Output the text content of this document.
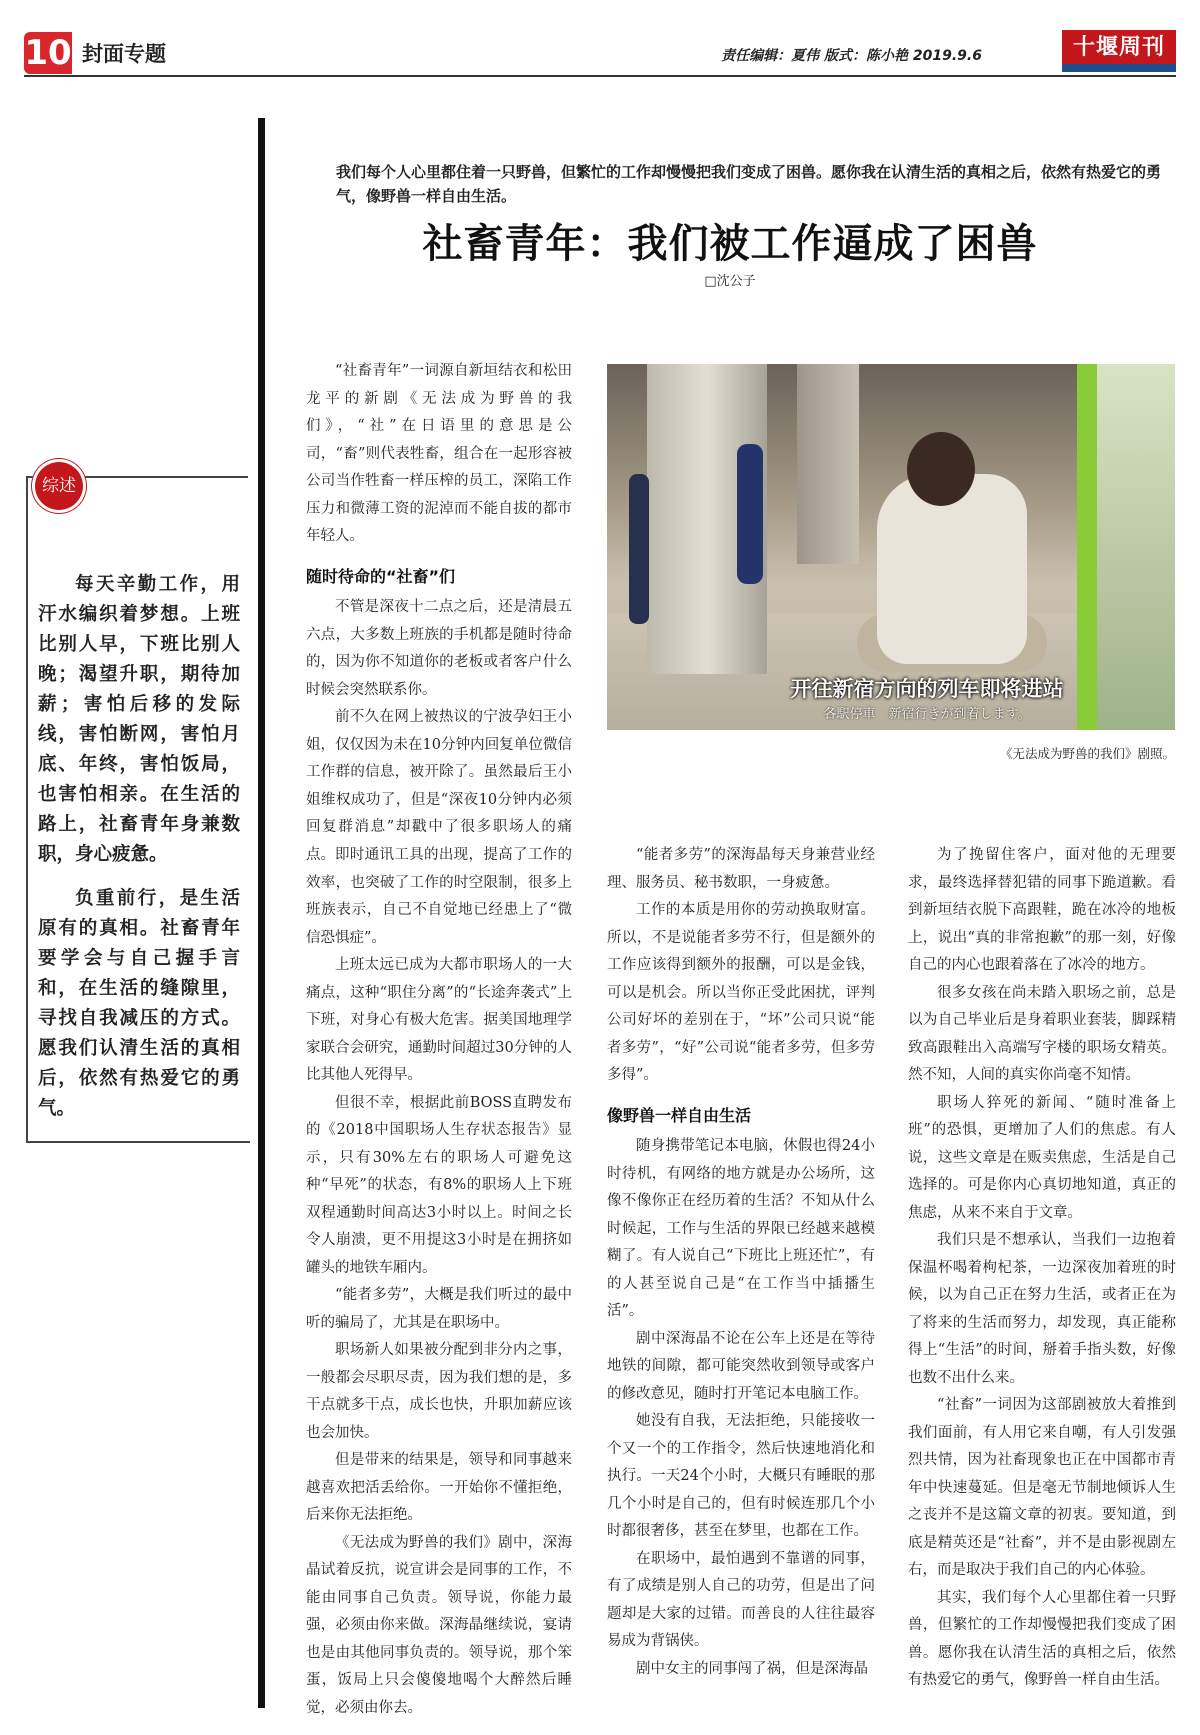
10 封面专题	责任编辑：夏伟 版式：陈小艳 2019.9.6	十堰周刊
综述

每天辛勤工作，用汗水编织着梦想。上班比别人早，下班比别人晚；渴望升职，期待加薪；害怕后移的发际线，害怕断网，害怕月底、年终，害怕饭局，也害怕相亲。在生活的路上，社畜青年身兼数职，身心疲惫。

负重前行，是生活原有的真相。社畜青年要学会与自己握手言和，在生活的缝隙里，寻找自我减压的方式。愿我们认清生活的真相后，依然有热爱它的勇气。

我们每个人心里都住着一只野兽，但繁忙的工作却慢慢把我们变成了困兽。愿你我在认清生活的真相之后，依然有热爱它的勇气，像野兽一样自由生活。
社畜青年：我们被工作逼成了困兽
□沈公子
开往新宿方向的列车即将进站
各駅停車　新宿行きが到着します。
《无法成为野兽的我们》剧照。

“社畜青年”一词源自新垣结衣和松田龙平的新剧《无法成为野兽的我们》，“社”在日语里的意思是公司，“畜”则代表牲畜，组合在一起形容被公司当作牲畜一样压榨的员工，深陷工作压力和微薄工资的泥淖而不能自拔的都市年轻人。

随时待命的“社畜”们

不管是深夜十二点之后，还是清晨五六点，大多数上班族的手机都是随时待命的，因为你不知道你的老板或者客户什么时候会突然联系你。

前不久在网上被热议的宁波孕妇王小姐，仅仅因为未在10分钟内回复单位微信工作群的信息，被开除了。虽然最后王小姐维权成功了，但是“深夜10分钟内必须回复群消息”却戳中了很多职场人的痛点。 即时通讯工具的出现，提高了工作的效率，也突破了工作的时空限制，很多上班族表示，自己不自觉地已经患上了“微信恐惧症”。

上班太远已成为大都市职场人的一大痛点，这种“职住分离”的“长途奔袭式”上下班，对身心有极大危害。据美国地理学家联合会研究，通勤时间超过30分钟的人比其他人死得早。

但很不幸，根据此前BOSS直聘发布的《2018中国职场人生存状态报告》显示，只有30%左右的职场人可避免这种“早死”的状态，有8%的职场人上下班双程通勤时间高达3小时以上。时间之长令人崩溃，更不用提这3小时是在拥挤如罐头的地铁车厢内。

“能者多劳”，大概是我们听过的最中听的骗局了，尤其是在职场中。

职场新人如果被分配到非分内之事，一般都会尽职尽责，因为我们想的是，多干点就多干点，成长也快，升职加薪应该也会加快。

但是带来的结果是，领导和同事越来越喜欢把活丢给你。一开始你不懂拒绝，后来你无法拒绝。

《无法成为野兽的我们》剧中，深海晶试着反抗，说宣讲会是同事的工作，不能由同事自己负责。领导说，你能力最强，必须由你来做。深海晶继续说，宴请也是由其他同事负责的。领导说，那个笨蛋，饭局上只会傻傻地喝个大醉然后睡觉，必须由你去。

“能者多劳”的深海晶每天身兼营业经理、服务员、秘书数职，一身疲惫。

工作的本质是用你的劳动换取财富。所以，不是说能者多劳不行，但是额外的工作应该得到额外的报酬，可以是金钱，可以是机会。所以当你正受此困扰，评判公司好坏的差别在于，“坏”公司只说“能者多劳”，“好”公司说“能者多劳，但多劳多得”。

像野兽一样自由生活

随身携带笔记本电脑，休假也得24小时待机，有网络的地方就是办公场所，这像不像你正在经历着的生活？不知从什么时候起，工作与生活的界限已经越来越模糊了。有人说自己“下班比上班还忙”，有的人甚至说自己是“在工作当中插播生活”。

剧中深海晶不论在公车上还是在等待地铁的间隙，都可能突然收到领导或客户的修改意见，随时打开笔记本电脑工作。

她没有自我，无法拒绝，只能接收一个又一个的工作指令，然后快速地消化和执行。一天24个小时，大概只有睡眠的那几个小时是自己的，但有时候连那几个小时都很奢侈，甚至在梦里，也都在工作。

在职场中，最怕遇到不靠谱的同事，有了成绩是别人自己的功劳，但是出了问题却是大家的过错。而善良的人往往最容易成为背锅侠。

剧中女主的同事闯了祸，但是深海晶

为了挽留住客户，面对他的无理要求，最终选择替犯错的同事下跪道歉。看到新垣结衣脱下高跟鞋，跪在冰冷的地板上，说出“真的非常抱歉”的那一刻，好像自己的内心也跟着落在了冰冷的地方。

很多女孩在尚未踏入职场之前，总是以为自己毕业后是身着职业套装，脚踩精致高跟鞋出入高端写字楼的职场女精英。然不知，人间的真实你尚毫不知情。

职场人猝死的新闻、“随时准备上班”的恐惧，更增加了人们的焦虑。有人说，这些文章是在贩卖焦虑，生活是自己选择的。可是你内心真切地知道，真正的焦虑，从来不来自于文章。

我们只是不想承认，当我们一边抱着保温杯喝着枸杞茶，一边深夜加着班的时候，以为自己正在努力生活，或者正在为了将来的生活而努力，却发现，真正能称得上“生活”的时间，掰着手指头数，好像也数不出什么来。

“社畜”一词因为这部剧被放大着推到我们面前，有人用它来自嘲，有人引发强烈共情，因为社畜现象也正在中国都市青年中快速蔓延。但是毫无节制地倾诉人生之丧并不是这篇文章的初衷。要知道，到底是精英还是“社畜”，并不是由影视剧左右，而是取决于我们自己的内心体验。

其实，我们每个人心里都住着一只野兽，但繁忙的工作却慢慢把我们变成了困兽。愿你我在认清生活的真相之后，依然有热爱它的勇气，像野兽一样自由生活。
